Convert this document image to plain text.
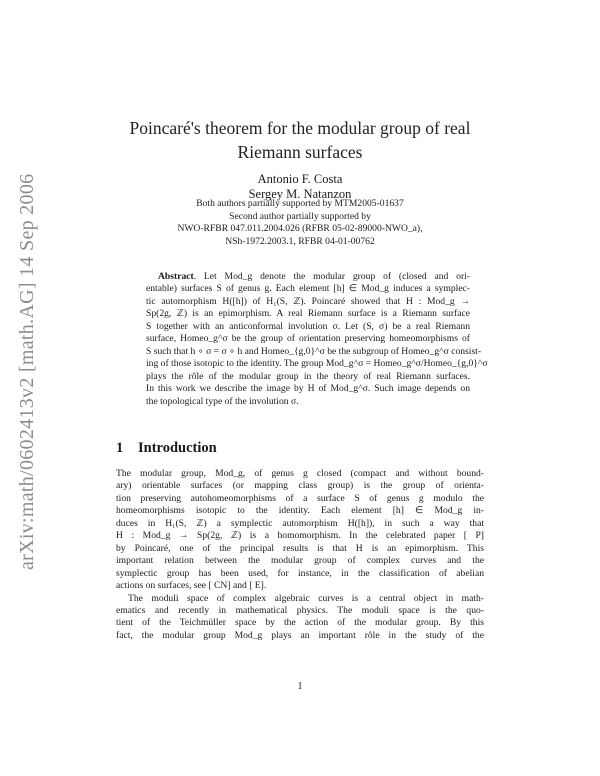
arXiv:math/0602413v2 [math.AG] 14 Sep 2006
Poincaré's theorem for the modular group of real
Riemann surfaces
Antonio F. Costa
Sergey M. Natanzon
Both authors partially supported by MTM2005-01637
Second author partially supported by
NWO-RFBR 047.011.2004.026 (RFBR 05-02-89000-NWO_a),
NSh-1972.2003.1, RFBR 04-01-00762
Abstract. Let Mod_g denote the modular group of (closed and ori-
entable) surfaces S of genus g. Each element [h] ∈ Mod_g induces a symplec-
tic automorphism H([h]) of H₁(S, ℤ). Poincaré showed that H : Mod_g →
Sp(2g, ℤ) is an epimorphism. A real Riemann surface is a Riemann surface
S together with an anticonformal involution σ. Let (S, σ) be a real Riemann
surface, Homeo_g^σ be the group of orientation preserving homeomorphisms of
S such that h ∘ σ = σ ∘ h and Homeo_{g,0}^σ be the subgroup of Homeo_g^σ consist-
ing of those isotopic to the identity. The group Mod_g^σ = Homeo_g^σ/Homeo_{g,0}^σ
plays the rôle of the modular group in the theory of real Riemann surfaces.
In this work we describe the image by H of Mod_g^σ. Such image depends on
the topological type of the involution σ.
1 Introduction
The modular group, Mod_g, of genus g closed (compact and without bound-
ary) orientable surfaces (or mapping class group) is the group of orienta-
tion preserving autohomeomorphisms of a surface S of genus g modulo the
homeomorphisms isotopic to the identity. Each element [h] ∈ Mod_g in-
duces in H₁(S, ℤ) a symplectic automorphism H([h]), in such a way that
H : Mod_g → Sp(2g, ℤ) is a homomorphism. In the celebrated paper [ P]
by Poincaré, one of the principal results is that H is an epimorphism. This
important relation between the modular group of complex curves and the
symplectic group has been used, for instance, in the classification of abelian
actions on surfaces, see [ CN] and [ E].
The moduli space of complex algebraic curves is a central object in math-
ematics and recently in mathematical physics. The moduli space is the quo-
tient of the Teichmüller space by the action of the modular group. By this
fact, the modular group Mod_g plays an important rôle in the study of the
1
